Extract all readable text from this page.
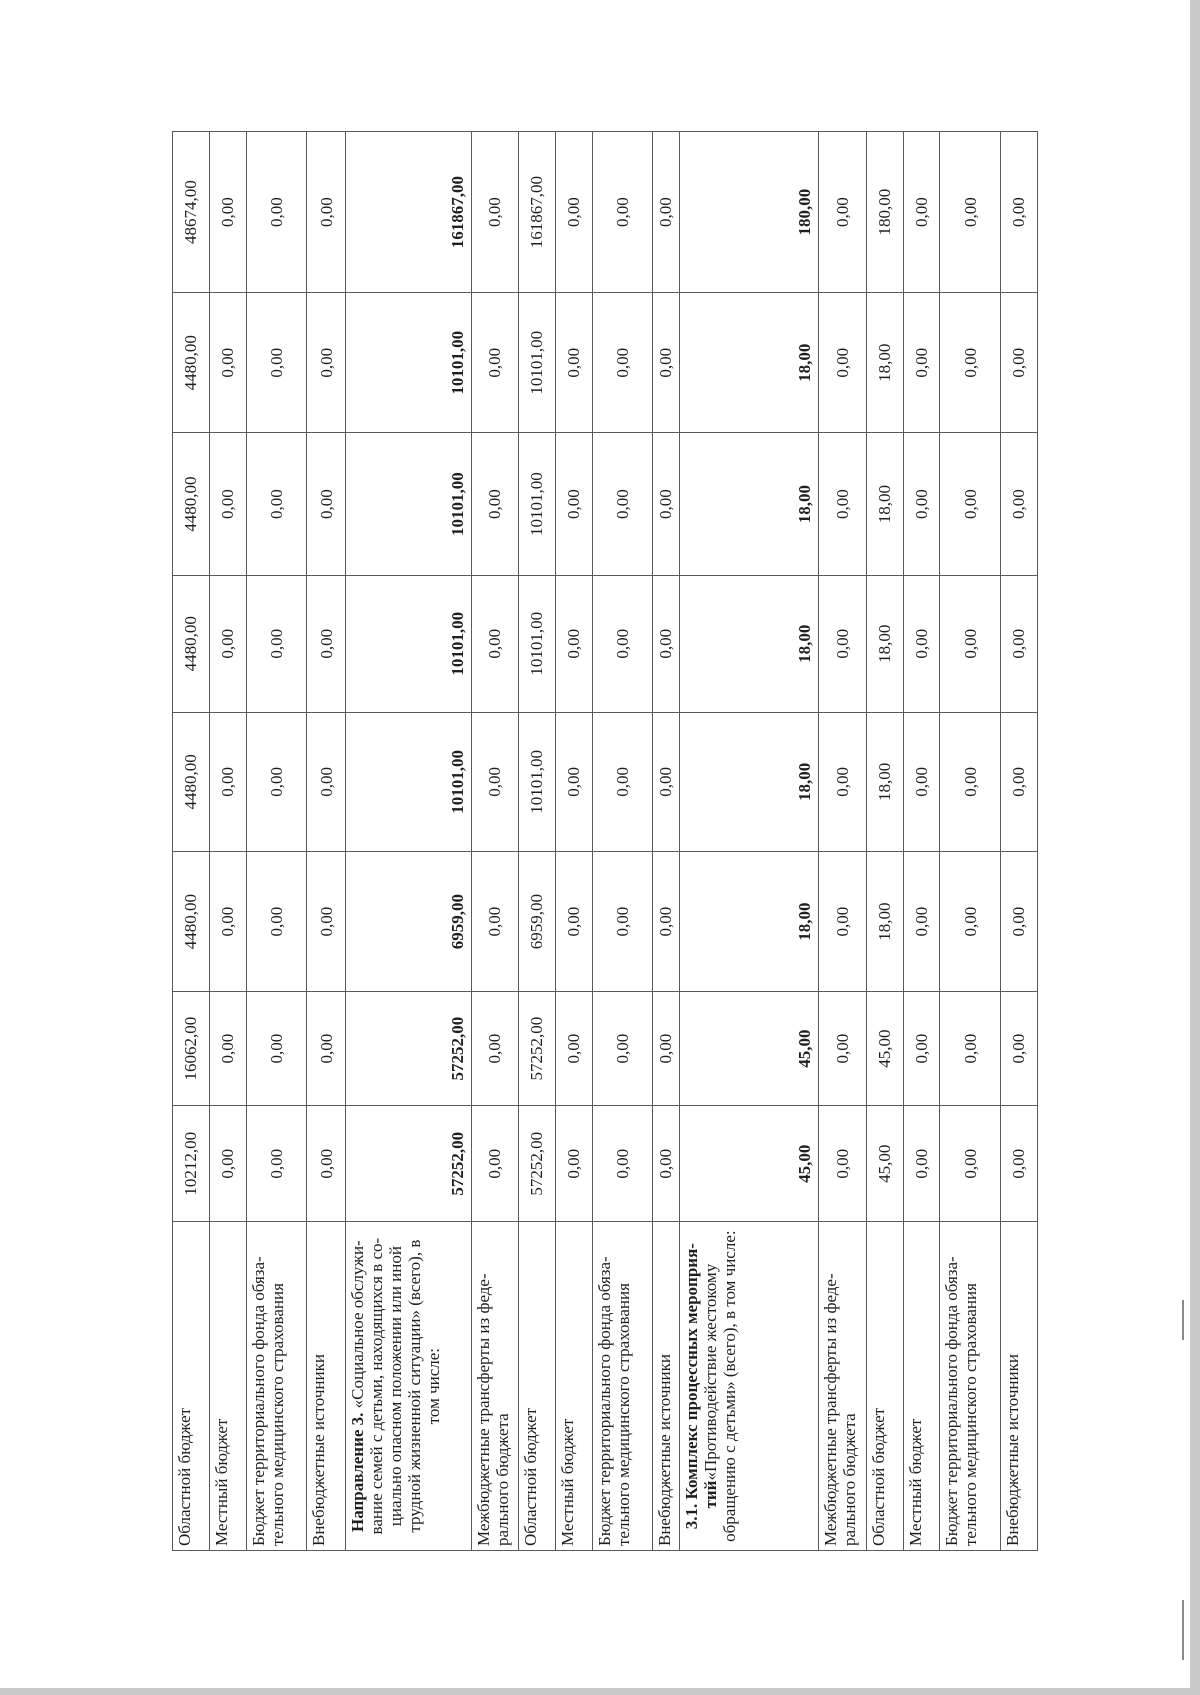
Областной бюджет	10212,00	16062,00	4480,00	4480,00	4480,00	4480,00	4480,00	48674,00
Местный бюджет	0,00	0,00	0,00	0,00	0,00	0,00	0,00	0,00
Бюджет территориального фонда обяза-тельного медицинского страхования	0,00	0,00	0,00	0,00	0,00	0,00	0,00	0,00
Внебюджетные источники	0,00	0,00	0,00	0,00	0,00	0,00	0,00	0,00
Направление 3. «Социальное обслужи-вание семей с детьми, находящихся в со-циально опасном положении или иной трудной жизненной ситуации» (всего), в том числе:	57252,00	57252,00	6959,00	10101,00	10101,00	10101,00	10101,00	161867,00
Межбюджетные трансферты из феде-рального бюджета	0,00	0,00	0,00	0,00	0,00	0,00	0,00	0,00
Областной бюджет	57252,00	57252,00	6959,00	10101,00	10101,00	10101,00	10101,00	161867,00
Местный бюджет	0,00	0,00	0,00	0,00	0,00	0,00	0,00	0,00
Бюджет территориального фонда обяза-тельного медицинского страхования	0,00	0,00	0,00	0,00	0,00	0,00	0,00	0,00
Внебюджетные источники	0,00	0,00	0,00	0,00	0,00	0,00	0,00	0,00
3.1. Комплекс процессных мероприя-тий«Противодействие жестокому обращению с детьми» (всего), в том числе:	45,00	45,00	18,00	18,00	18,00	18,00	18,00	180,00
Межбюджетные трансферты из феде-рального бюджета	0,00	0,00	0,00	0,00	0,00	0,00	0,00	0,00
Областной бюджет	45,00	45,00	18,00	18,00	18,00	18,00	18,00	180,00
Местный бюджет	0,00	0,00	0,00	0,00	0,00	0,00	0,00	0,00
Бюджет территориального фонда обяза-тельного медицинского страхования	0,00	0,00	0,00	0,00	0,00	0,00	0,00	0,00
Внебюджетные источники	0,00	0,00	0,00	0,00	0,00	0,00	0,00	0,00
